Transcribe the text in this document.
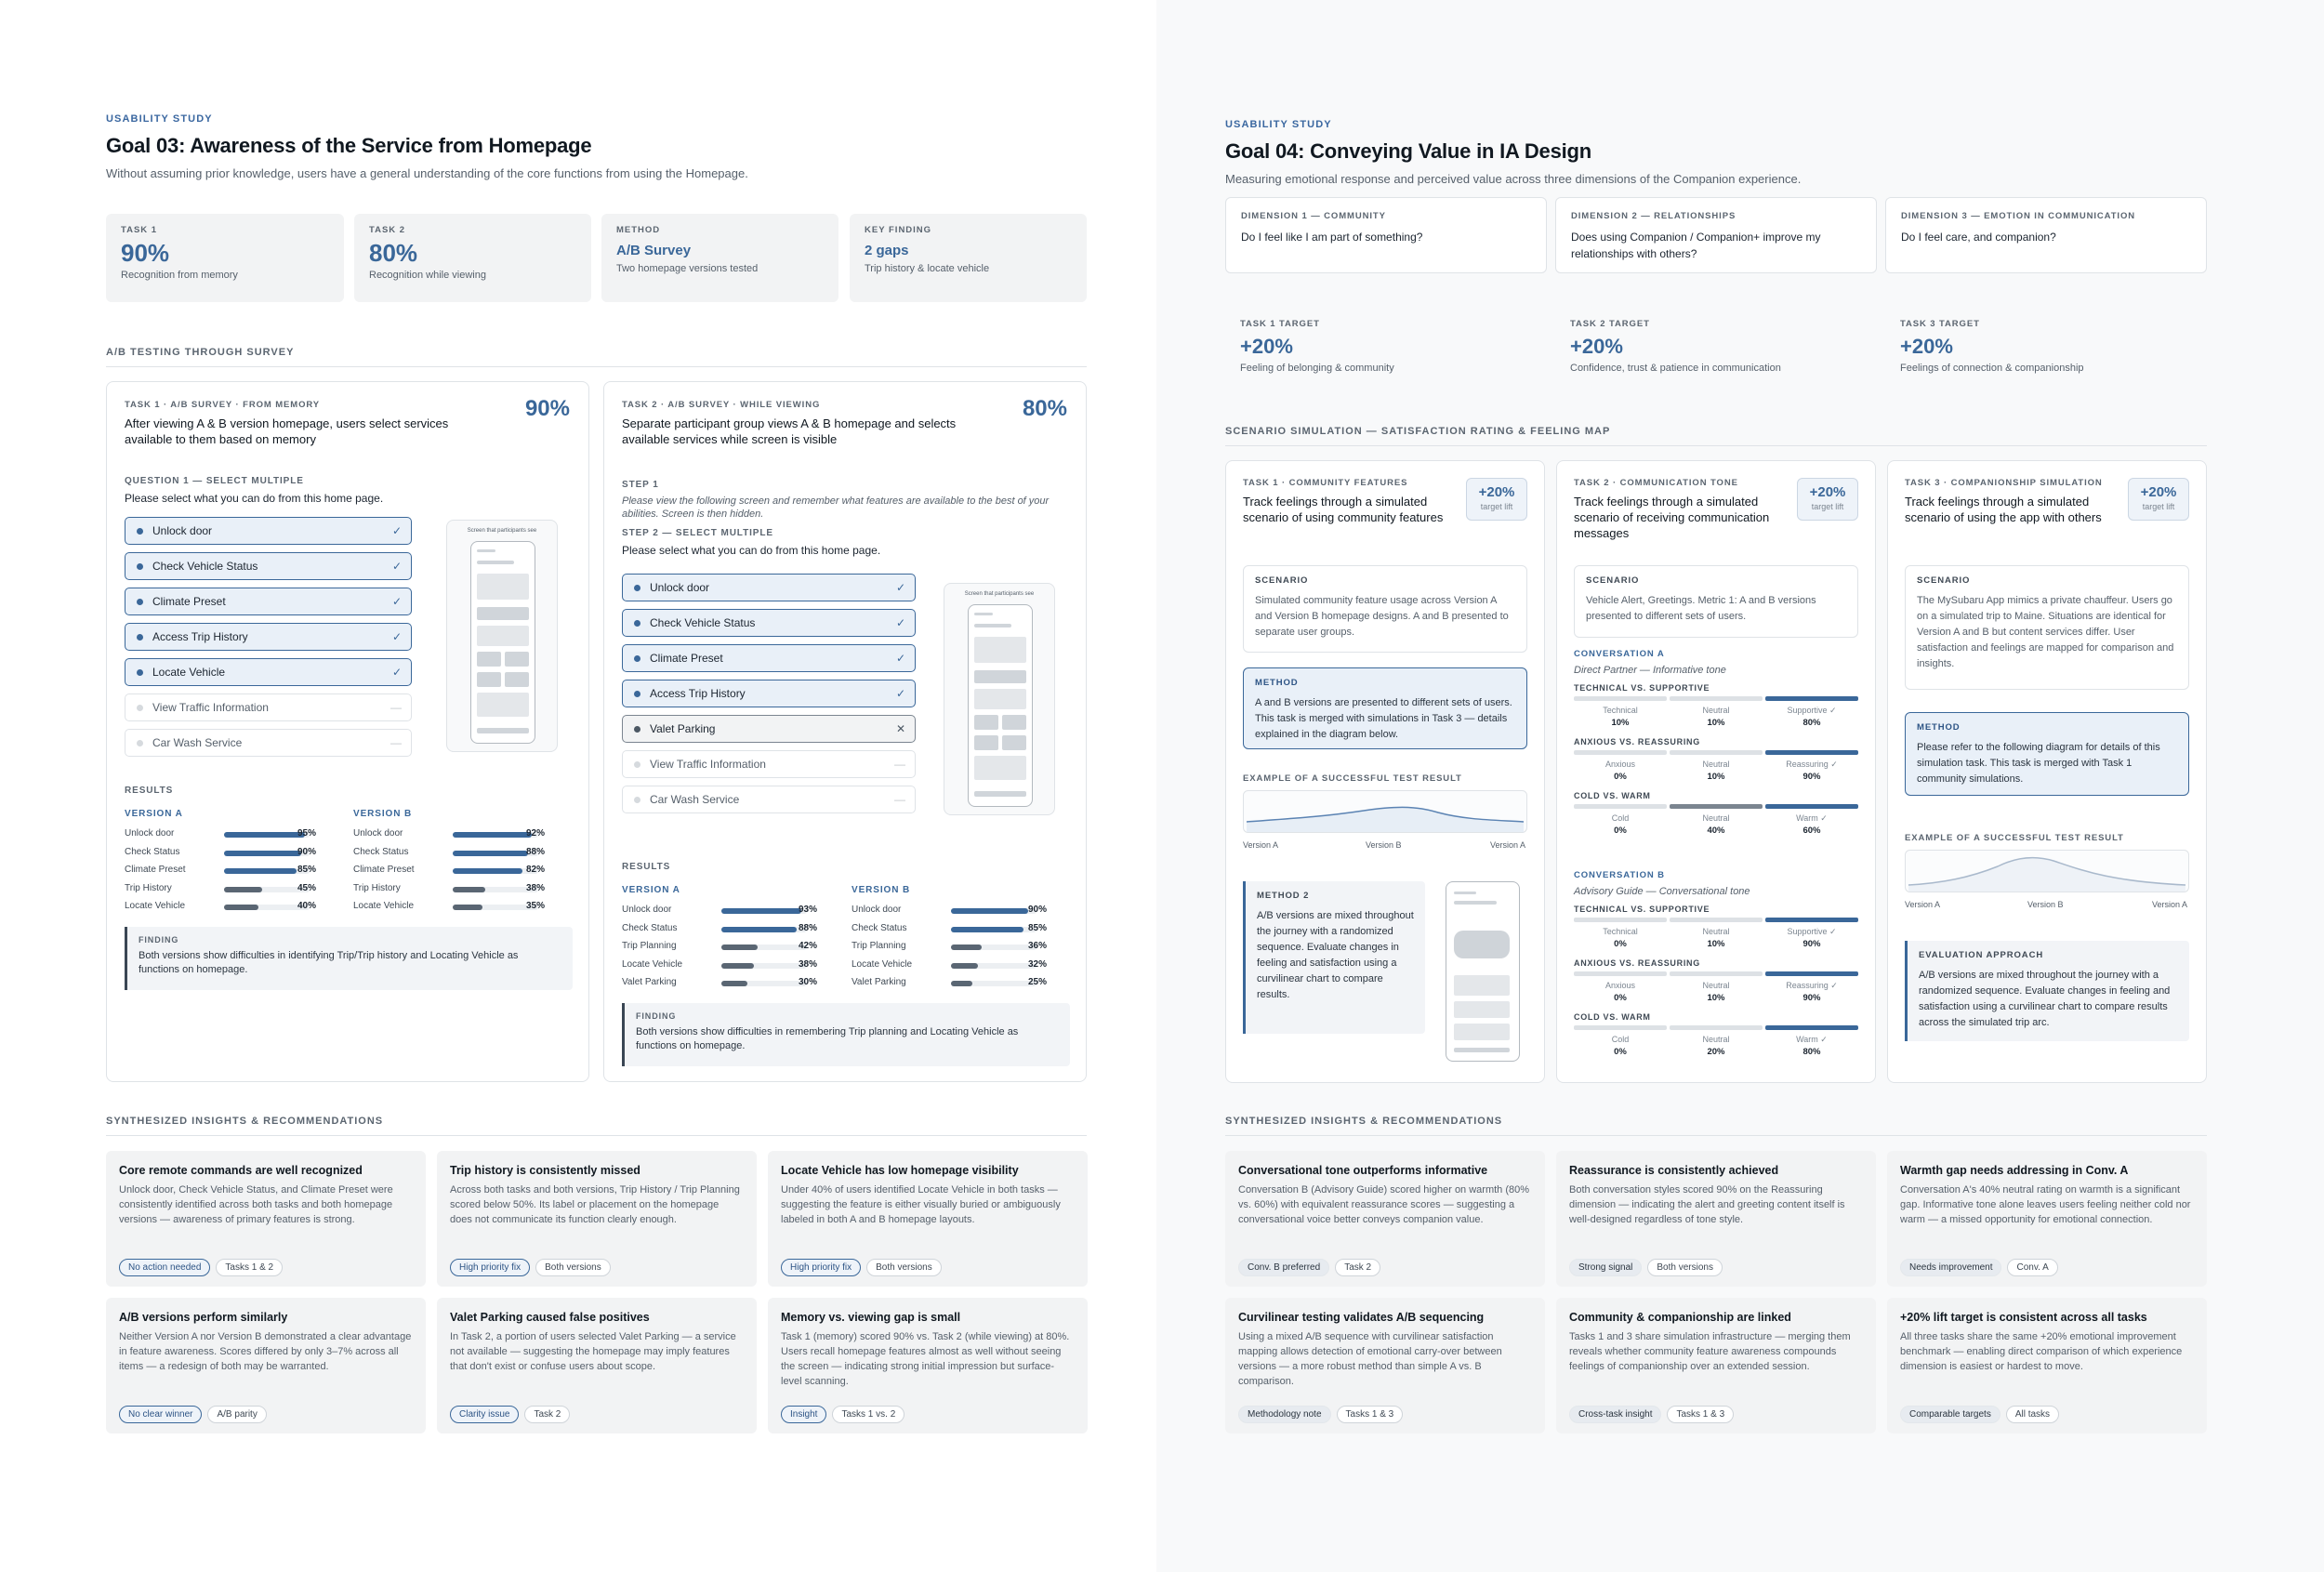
USABILITY STUDY
Goal 03: Awareness of the Service from Homepage
Without assuming prior knowledge, users have a general understanding of the core functions from using the Homepage.
TASK 1
90%
Recognition from memory
TASK 2
80%
Recognition while viewing
METHOD
A/B Survey
Two homepage versions tested
KEY FINDING
2 gaps
Trip history & locate vehicle
A/B TESTING THROUGH SURVEY
TASK 1 · A/B SURVEY · FROM MEMORY
After viewing A & B version homepage, users select services available to them based on memory
90%
QUESTION 1 — SELECT MULTIPLE
Please select what you can do from this home page.
Unlock door	✓
Check Vehicle Status	✓
Climate Preset	✓
Access Trip History	✓
Locate Vehicle	✓
View Traffic Information	—
Car Wash Service	—
Screen that participants see
RESULTS
VERSION A
Unlock door	95%
Check Status	90%
Climate Preset	85%
Trip History	45%
Locate Vehicle	40%
VERSION B
Unlock door	92%
Check Status	88%
Climate Preset	82%
Trip History	38%
Locate Vehicle	35%
FINDING
Both versions show difficulties in identifying Trip/Trip history and Locating Vehicle as functions on homepage.
TASK 2 · A/B SURVEY · WHILE VIEWING
Separate participant group views A & B homepage and selects available services while screen is visible
80%
STEP 1
Please view the following screen and remember what features are available to the best of your abilities. Screen is then hidden.
STEP 2 — SELECT MULTIPLE
Please select what you can do from this home page.
Unlock door	✓
Check Vehicle Status	✓
Climate Preset	✓
Access Trip History	✓
Valet Parking	✕
View Traffic Information	—
Car Wash Service	—
Screen that participants see
RESULTS
VERSION A
Unlock door	93%
Check Status	88%
Trip Planning	42%
Locate Vehicle	38%
Valet Parking	30%
VERSION B
Unlock door	90%
Check Status	85%
Trip Planning	36%
Locate Vehicle	32%
Valet Parking	25%
FINDING
Both versions show difficulties in remembering Trip planning and Locating Vehicle as functions on homepage.
SYNTHESIZED INSIGHTS & RECOMMENDATIONS
Core remote commands are well recognized
Unlock door, Check Vehicle Status, and Climate Preset were consistently identified across both tasks and both homepage versions — awareness of primary features is strong.
No action needed	Tasks 1 & 2
Trip history is consistently missed
Across both tasks and both versions, Trip History / Trip Planning scored below 50%. Its label or placement on the homepage does not communicate its function clearly enough.
High priority fix	Both versions
Locate Vehicle has low homepage visibility
Under 40% of users identified Locate Vehicle in both tasks — suggesting the feature is either visually buried or ambiguously labeled in both A and B homepage layouts.
High priority fix	Both versions
A/B versions perform similarly
Neither Version A nor Version B demonstrated a clear advantage in feature awareness. Scores differed by only 3–7% across all items — a redesign of both may be warranted.
No clear winner	A/B parity
Valet Parking caused false positives
In Task 2, a portion of users selected Valet Parking — a service not available — suggesting the homepage may imply features that don't exist or confuse users about scope.
Clarity issue	Task 2
Memory vs. viewing gap is small
Task 1 (memory) scored 90% vs. Task 2 (while viewing) at 80%. Users recall homepage features almost as well without seeing the screen — indicating strong initial impression but surface-level scanning.
Insight	Tasks 1 vs. 2
USABILITY STUDY
Goal 04: Conveying Value in IA Design
Measuring emotional response and perceived value across three dimensions of the Companion experience.
DIMENSION 1 — COMMUNITY
Do I feel like I am part of something?
DIMENSION 2 — RELATIONSHIPS
Does using Companion / Companion+ improve my relationships with others?
DIMENSION 3 — EMOTION IN COMMUNICATION
Do I feel care, and companion?
TASK 1 TARGET
+20%
Feeling of belonging & community
TASK 2 TARGET
+20%
Confidence, trust & patience in communication
TASK 3 TARGET
+20%
Feelings of connection & companionship
SCENARIO SIMULATION — SATISFACTION RATING & FEELING MAP
TASK 1 · COMMUNITY FEATURES
Track feelings through a simulated scenario of using community features
+20%
target lift
SCENARIO
Simulated community feature usage across Version A and Version B homepage designs. A and B presented to separate user groups.
METHOD
A and B versions are presented to different sets of users. This task is merged with simulations in Task 3 — details explained in the diagram below.
EXAMPLE OF A SUCCESSFUL TEST RESULT
Version A	Version B	Version A
METHOD 2
A/B versions are mixed throughout the journey with a randomized sequence. Evaluate changes in feeling and satisfaction using a curvilinear chart to compare results.
TASK 2 · COMMUNICATION TONE
Track feelings through a simulated scenario of receiving communication messages
+20%
target lift
SCENARIO
Vehicle Alert, Greetings. Metric 1: A and B versions presented to different sets of users.
CONVERSATION A
Direct Partner — Informative tone
TECHNICAL VS. SUPPORTIVE
Technical
10%
Neutral
10%
Supportive ✓
80%
ANXIOUS VS. REASSURING
Anxious
0%
Neutral
10%
Reassuring ✓
90%
COLD VS. WARM
Cold
0%
Neutral
40%
Warm ✓
60%
CONVERSATION B
Advisory Guide — Conversational tone
TECHNICAL VS. SUPPORTIVE
Technical
0%
Neutral
10%
Supportive ✓
90%
ANXIOUS VS. REASSURING
Anxious
0%
Neutral
10%
Reassuring ✓
90%
COLD VS. WARM
Cold
0%
Neutral
20%
Warm ✓
80%
TASK 3 · COMPANIONSHIP SIMULATION
Track feelings through a simulated scenario of using the app with others
+20%
target lift
SCENARIO
The MySubaru App mimics a private chauffeur. Users go on a simulated trip to Maine. Situations are identical for Version A and B but content services differ. User satisfaction and feelings are mapped for comparison and insights.
METHOD
Please refer to the following diagram for details of this simulation task. This task is merged with Task 1 community simulations.
EXAMPLE OF A SUCCESSFUL TEST RESULT
Version A	Version B	Version A
EVALUATION APPROACH
A/B versions are mixed throughout the journey with a randomized sequence. Evaluate changes in feeling and satisfaction using a curvilinear chart to compare results across the simulated trip arc.
SYNTHESIZED INSIGHTS & RECOMMENDATIONS
Conversational tone outperforms informative
Conversation B (Advisory Guide) scored higher on warmth (80% vs. 60%) with equivalent reassurance scores — suggesting a conversational voice better conveys companion value.
Conv. B preferred	Task 2
Reassurance is consistently achieved
Both conversation styles scored 90% on the Reassuring dimension — indicating the alert and greeting content itself is well-designed regardless of tone style.
Strong signal	Both versions
Warmth gap needs addressing in Conv. A
Conversation A's 40% neutral rating on warmth is a significant gap. Informative tone alone leaves users feeling neither cold nor warm — a missed opportunity for emotional connection.
Needs improvement	Conv. A
Curvilinear testing validates A/B sequencing
Using a mixed A/B sequence with curvilinear satisfaction mapping allows detection of emotional carry-over between versions — a more robust method than simple A vs. B comparison.
Methodology note	Tasks 1 & 3
Community & companionship are linked
Tasks 1 and 3 share simulation infrastructure — merging them reveals whether community feature awareness compounds feelings of companionship over an extended session.
Cross-task insight	Tasks 1 & 3
+20% lift target is consistent across all tasks
All three tasks share the same +20% emotional improvement benchmark — enabling direct comparison of which experience dimension is easiest or hardest to move.
Comparable targets	All tasks
